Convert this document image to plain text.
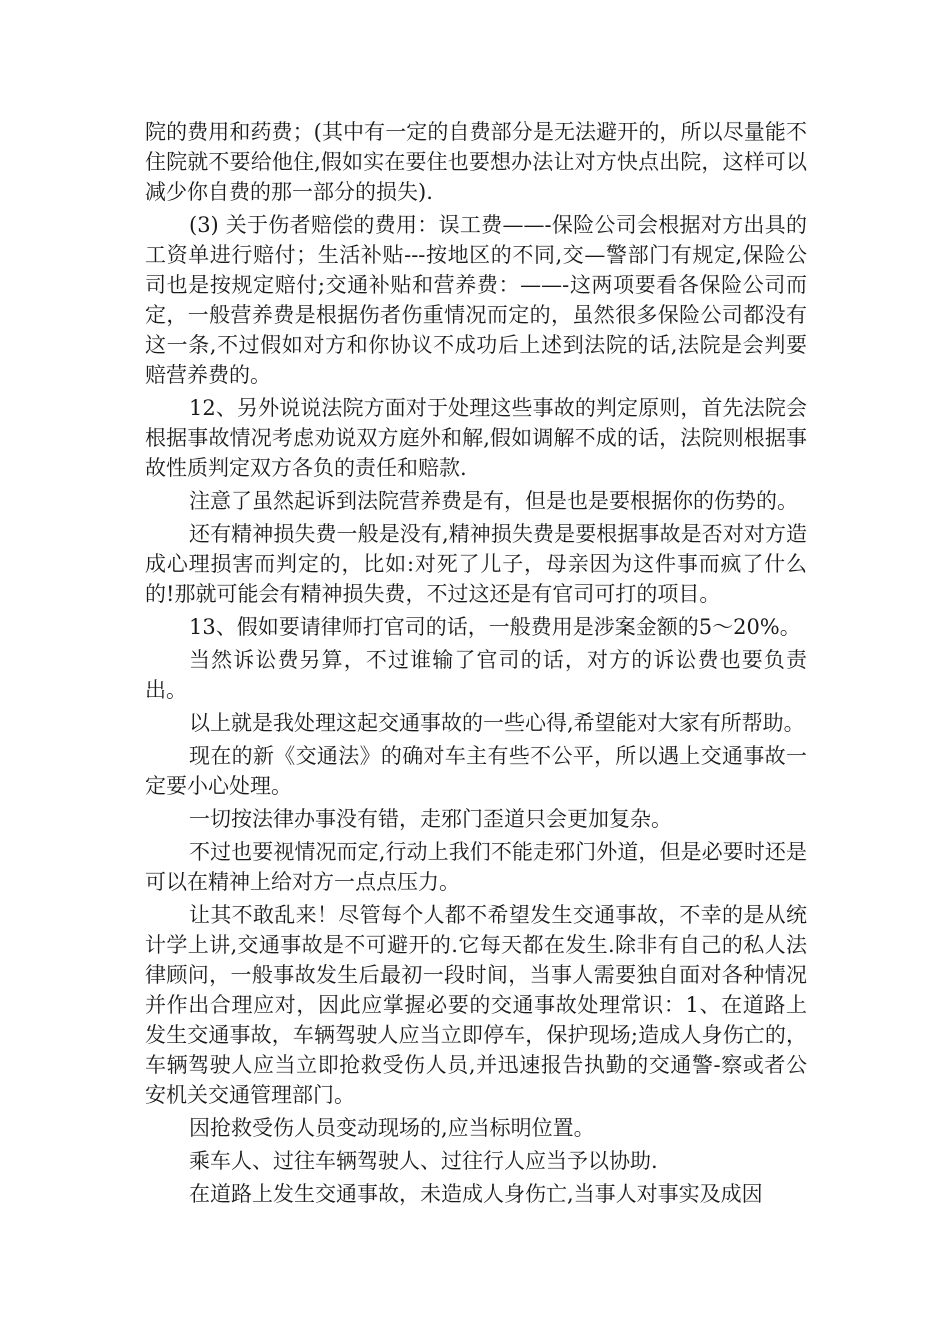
院的费用和药费；(其中有一定的自费部分是无法避开的，所以尽量能不住院就不要给他住,假如实在要住也要想办法让对方快点出院，这样可以减少你自费的那一部分的损失).

(3) 关于伤者赔偿的费用：误工费——-保险公司会根据对方出具的工资单进行赔付；生活补贴---按地区的不同,交—警部门有规定,保险公司也是按规定赔付;交通补贴和营养费：——-这两项要看各保险公司而定，一般营养费是根据伤者伤重情况而定的，虽然很多保险公司都没有这一条,不过假如对方和你协议不成功后上述到法院的话,法院是会判要赔营养费的。

12、另外说说法院方面对于处理这些事故的判定原则，首先法院会根据事故情况考虑劝说双方庭外和解,假如调解不成的话，法院则根据事故性质判定双方各负的责任和赔款.

注意了虽然起诉到法院营养费是有，但是也是要根据你的伤势的。

还有精神损失费一般是没有,精神损失费是要根据事故是否对对方造成心理损害而判定的，比如:对死了儿子，母亲因为这件事而疯了什么的!那就可能会有精神损失费，不过这还是有官司可打的项目。

13、假如要请律师打官司的话，一般费用是涉案金额的5～20%。

当然诉讼费另算，不过谁输了官司的话，对方的诉讼费也要负责出。

以上就是我处理这起交通事故的一些心得,希望能对大家有所帮助。

现在的新《交通法》的确对车主有些不公平，所以遇上交通事故一定要小心处理。

一切按法律办事没有错，走邪门歪道只会更加复杂。

不过也要视情况而定,行动上我们不能走邪门外道，但是必要时还是可以在精神上给对方一点点压力。

让其不敢乱来！尽管每个人都不希望发生交通事故，不幸的是从统计学上讲,交通事故是不可避开的.它每天都在发生.除非有自己的私人法律顾问，一般事故发生后最初一段时间，当事人需要独自面对各种情况并作出合理应对，因此应掌握必要的交通事故处理常识：1、在道路上发生交通事故，车辆驾驶人应当立即停车，保护现场;造成人身伤亡的，车辆驾驶人应当立即抢救受伤人员,并迅速报告执勤的交通警-察或者公安机关交通管理部门。

因抢救受伤人员变动现场的,应当标明位置。

乘车人、过往车辆驾驶人、过往行人应当予以协助.

在道路上发生交通事故，未造成人身伤亡,当事人对事实及成因
